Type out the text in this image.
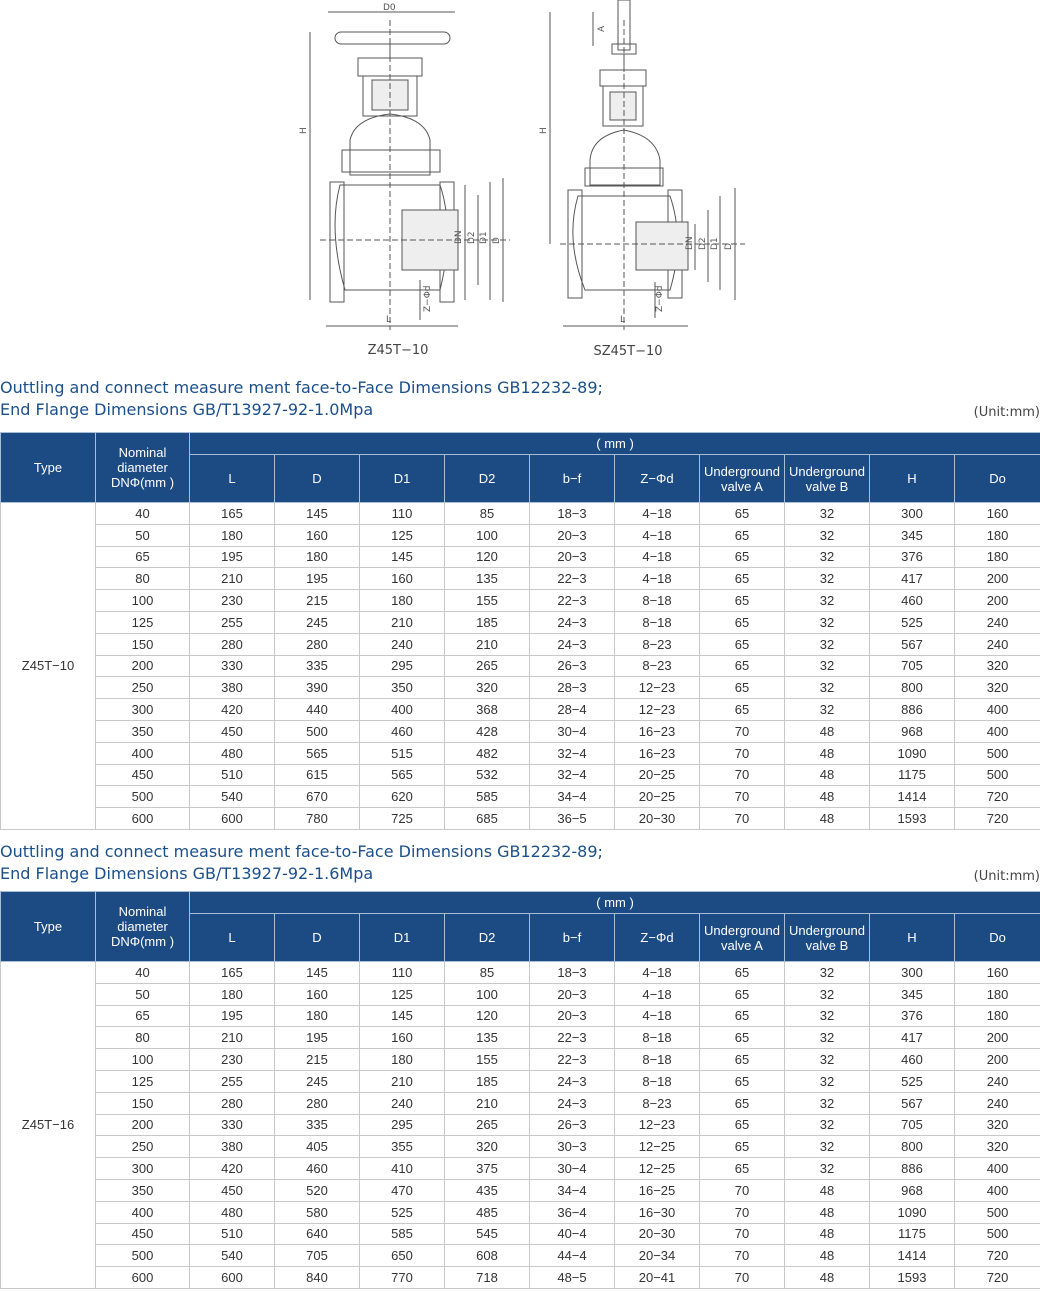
D0
H
DN D2 D1 D
L
Z−Φd
H
A
DN D2 D1 D
L
Z−Φd
Z45T−10	SZ45T−10
Outtling and connect measure ment face-to-Face Dimensions GB12232-89;
End Flange Dimensions GB/T13927-92-1.0Mpa	(Unit:mm)
Type	Nominal diameter DNΦ(mm )	( mm )									
		L	D	D1	D2	b−f	Z−Φd	Underground valve A	Underground valve B	H	Do
Z45T−10	40	165	145	110	85	18−3	4−18	65	32	300	160
	50	180	160	125	100	20−3	4−18	65	32	345	180
	65	195	180	145	120	20−3	4−18	65	32	376	180
	80	210	195	160	135	22−3	4−18	65	32	417	200
	100	230	215	180	155	22−3	8−18	65	32	460	200
	125	255	245	210	185	24−3	8−18	65	32	525	240
	150	280	280	240	210	24−3	8−23	65	32	567	240
	200	330	335	295	265	26−3	8−23	65	32	705	320
	250	380	390	350	320	28−3	12−23	65	32	800	320
	300	420	440	400	368	28−4	12−23	65	32	886	400
	350	450	500	460	428	30−4	16−23	70	48	968	400
	400	480	565	515	482	32−4	16−23	70	48	1090	500
	450	510	615	565	532	32−4	20−25	70	48	1175	500
	500	540	670	620	585	34−4	20−25	70	48	1414	720
	600	600	780	725	685	36−5	20−30	70	48	1593	720
Outtling and connect measure ment face-to-Face Dimensions GB12232-89;
End Flange Dimensions GB/T13927-92-1.6Mpa	(Unit:mm)
Type	Nominal diameter DNΦ(mm )	( mm )									
		L	D	D1	D2	b−f	Z−Φd	Underground valve A	Underground valve B	H	Do
Z45T−16	40	165	145	110	85	18−3	4−18	65	32	300	160
	50	180	160	125	100	20−3	4−18	65	32	345	180
	65	195	180	145	120	20−3	4−18	65	32	376	180
	80	210	195	160	135	22−3	8−18	65	32	417	200
	100	230	215	180	155	22−3	8−18	65	32	460	200
	125	255	245	210	185	24−3	8−18	65	32	525	240
	150	280	280	240	210	24−3	8−23	65	32	567	240
	200	330	335	295	265	26−3	12−23	65	32	705	320
	250	380	405	355	320	30−3	12−25	65	32	800	320
	300	420	460	410	375	30−4	12−25	65	32	886	400
	350	450	520	470	435	34−4	16−25	70	48	968	400
	400	480	580	525	485	36−4	16−30	70	48	1090	500
	450	510	640	585	545	40−4	20−30	70	48	1175	500
	500	540	705	650	608	44−4	20−34	70	48	1414	720
	600	600	840	770	718	48−5	20−41	70	48	1593	720
